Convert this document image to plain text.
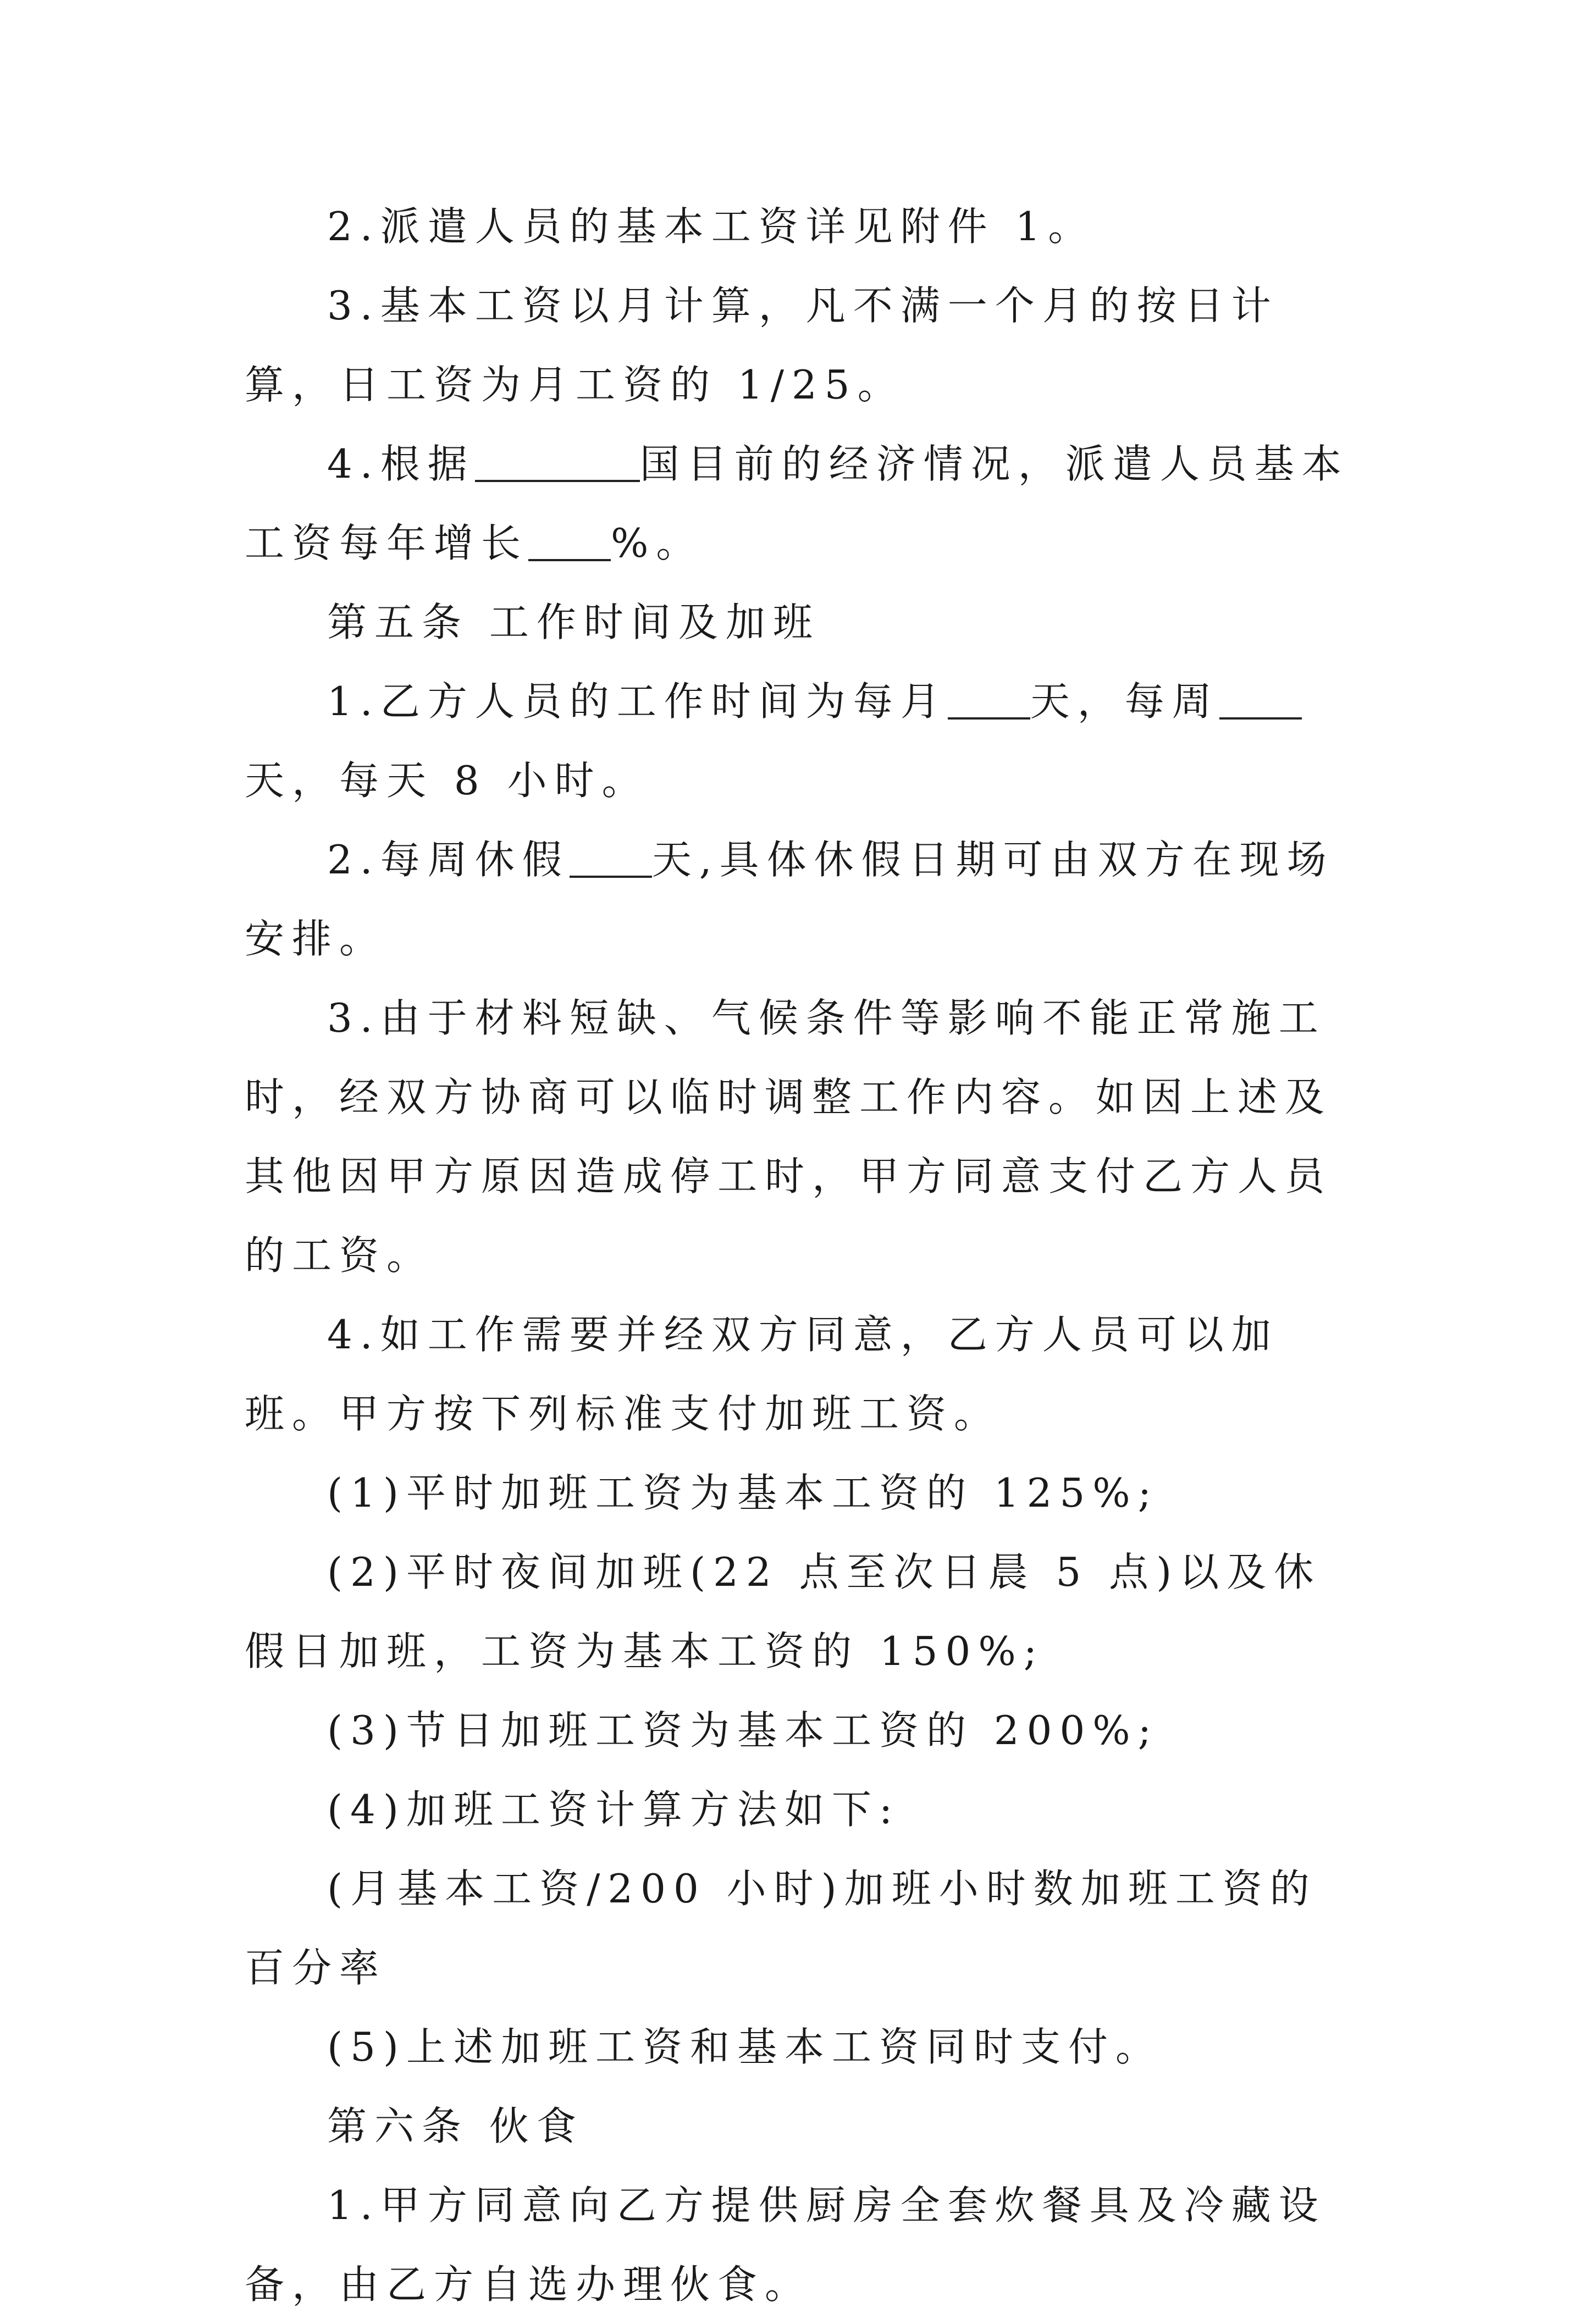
2.派遣人员的基本工资详见附件 1。

3.基本工资以月计算，凡不满一个月的按日计算，日工资为月工资的 1/25。

4.根据	国目前的经济情况，派遣人员基本工资每年增长 %。

第五条 工作时间及加班

1.乙方人员的工作时间为每月 天，每周天，每天 8 小时。

2.每周休假 天,具体休假日期可由双方在现场安排。

3.由于材料短缺、气候条件等影响不能正常施工时，经双方协商可以临时调整工作内容。如因上述及其他因甲方原因造成停工时，甲方同意支付乙方人员的工资。

4.如工作需要并经双方同意，乙方人员可以加班。甲方按下列标准支付加班工资。

(1)平时加班工资为基本工资的 125%;

(2)平时夜间加班(22 点至次日晨 5 点)以及休假日加班，工资为基本工资的 150%;

(3)节日加班工资为基本工资的 200%;

(4)加班工资计算方法如下:

(月基本工资/200 小时)加班小时数加班工资的百分率

(5)上述加班工资和基本工资同时支付。

第六条 伙食

1.甲方同意向乙方提供厨房全套炊餐具及冷藏设备，由乙方自选办理伙食。
